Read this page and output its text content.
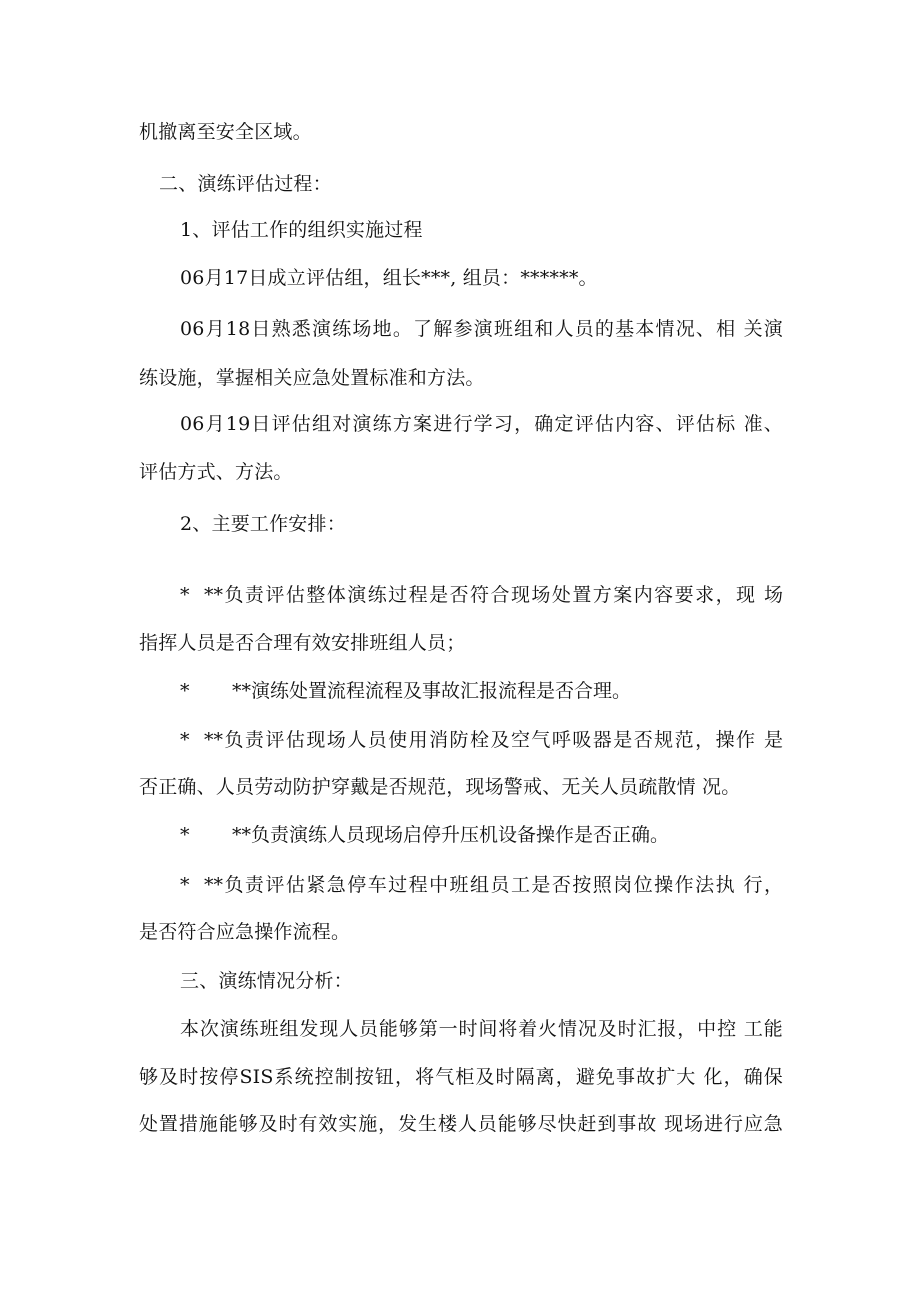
机撤离至安全区域。
二、演练评估过程：
1、评估工作的组织实施过程
06月17日成立评估组，组长***, 组员：******。
06月18日熟悉演练场地。了解参演班组和人员的基本情况、相 关演
练设施，掌握相关应急处置标准和方法。
06月19日评估组对演练方案进行学习，确定评估内容、评估标 准、
评估方式、方法。
2、主要工作安排：
* **负责评估整体演练过程是否符合现场处置方案内容要求，现 场
指挥人员是否合理有效安排班组人员；
* **演练处置流程流程及事故汇报流程是否合理。
* **负责评估现场人员使用消防栓及空气呼吸器是否规范，操作 是
否正确、人员劳动防护穿戴是否规范，现场警戒、无关人员疏散情 况。
* **负责演练人员现场启停升压机设备操作是否正确。
* **负责评估紧急停车过程中班组员工是否按照岗位操作法执 行，
是否符合应急操作流程。
三、演练情况分析：
本次演练班组发现人员能够第一时间将着火情况及时汇报，中控 工能
够及时按停SIS系统控制按钮，将气柜及时隔离，避免事故扩大 化，确保
处置措施能够及时有效实施，发生楼人员能够尽快赶到事故 现场进行应急
